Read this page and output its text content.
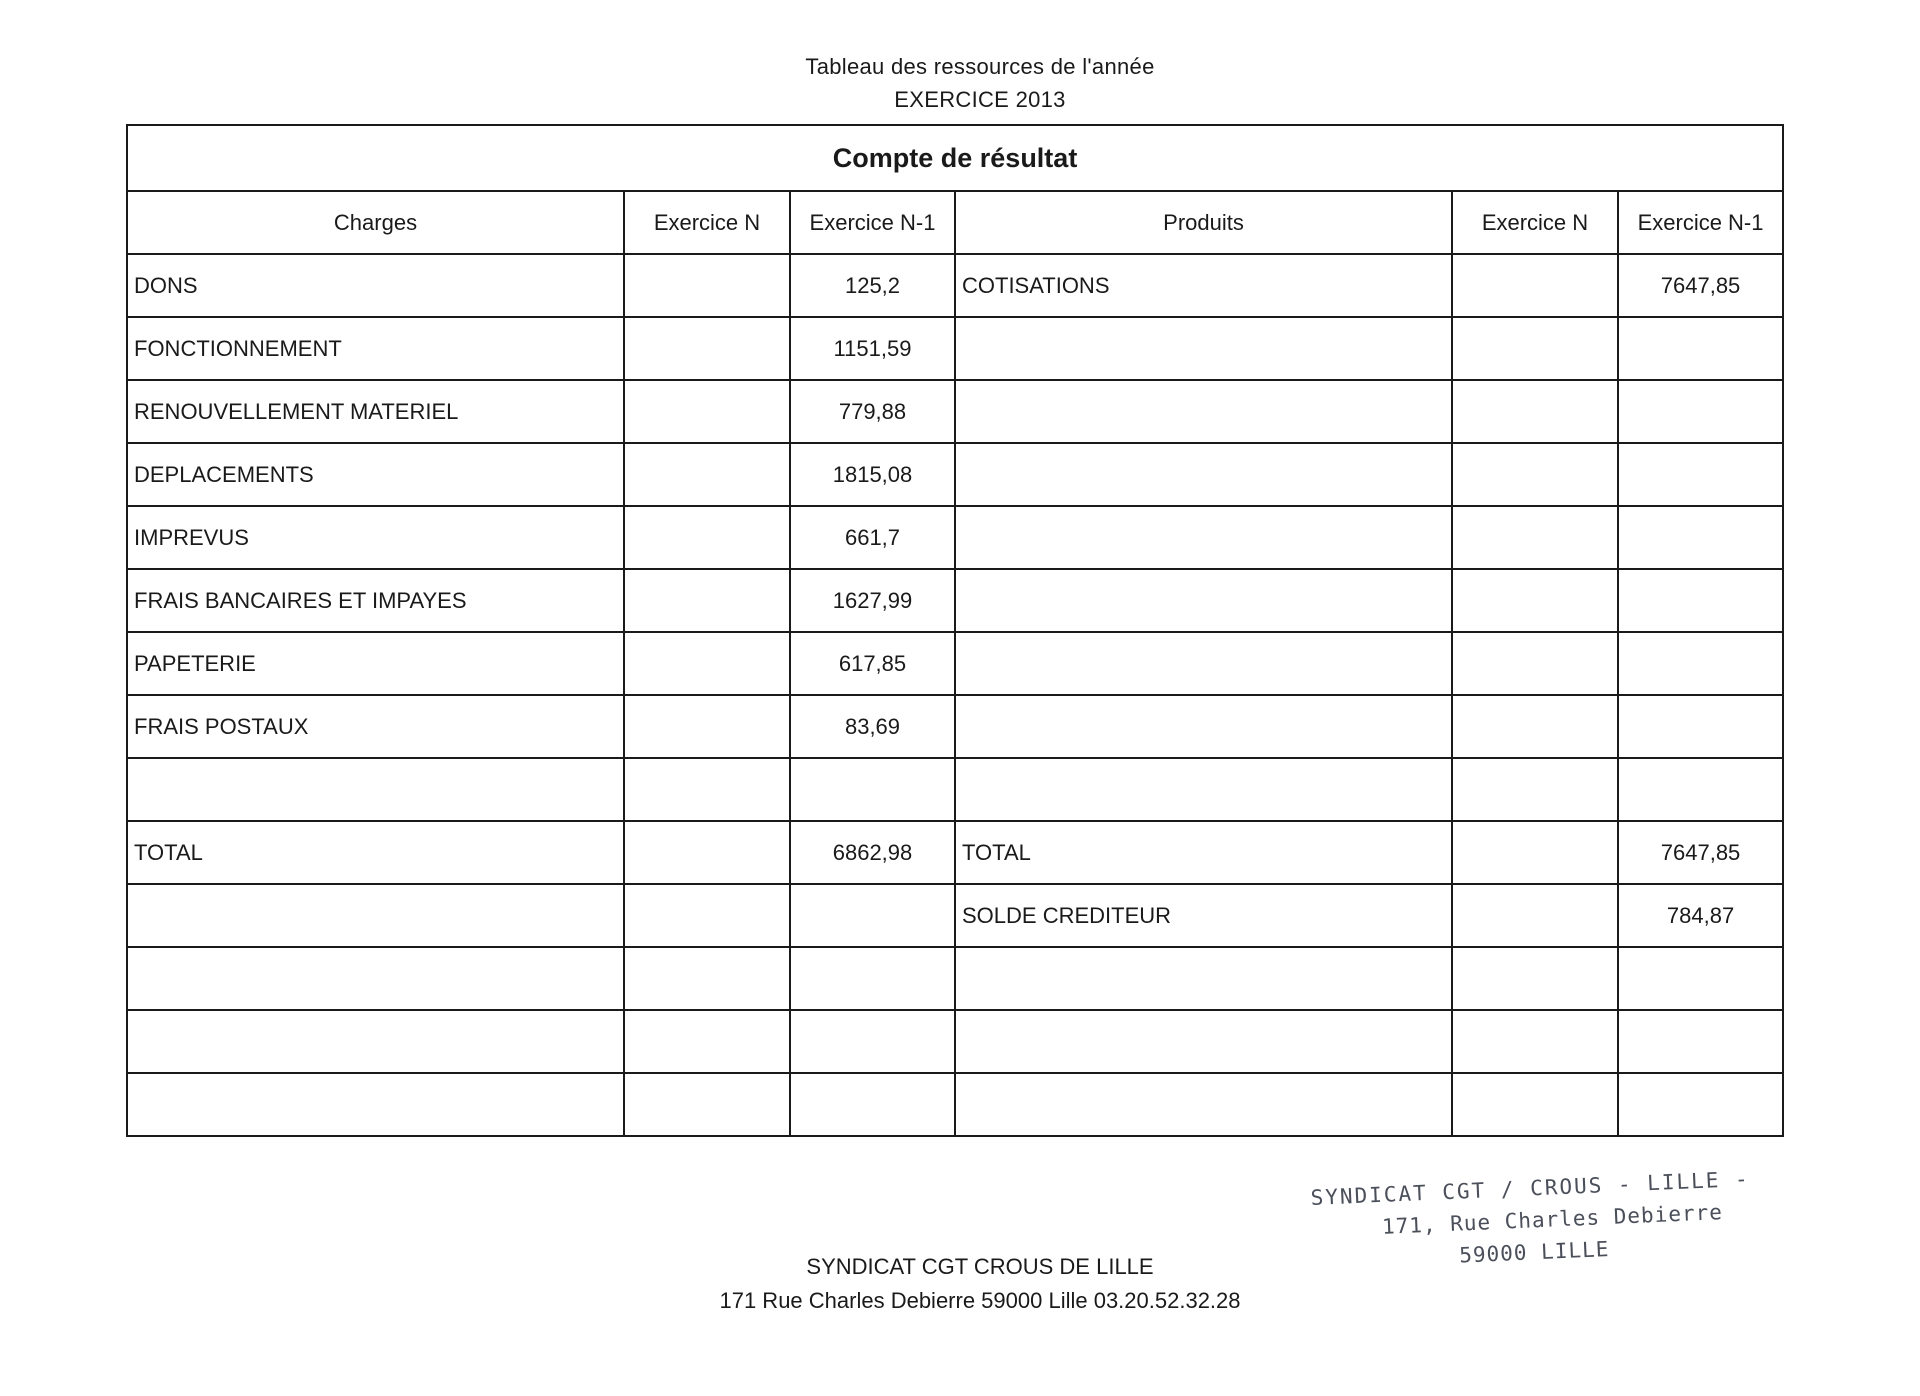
Tableau des ressources de l'année
EXERCICE 2013
Compte de résultat					
Charges	Exercice N	Exercice N-1	Produits	Exercice N	Exercice N-1
DONS		125,2	COTISATIONS		7647,85
FONCTIONNEMENT		1151,59			
RENOUVELLEMENT MATERIEL		779,88			
DEPLACEMENTS		1815,08			
IMPREVUS		661,7			
FRAIS BANCAIRES ET IMPAYES		1627,99			
PAPETERIE		617,85			
FRAIS POSTAUX		83,69			

TOTAL		6862,98	TOTAL		7647,85
			SOLDE CREDITEUR		784,87

SYNDICAT CGT / CROUS - LILLE -
171, Rue Charles Debierre
59000 LILLE
SYNDICAT CGT CROUS DE LILLE
171 Rue Charles Debierre 59000 Lille 03.20.52.32.28
